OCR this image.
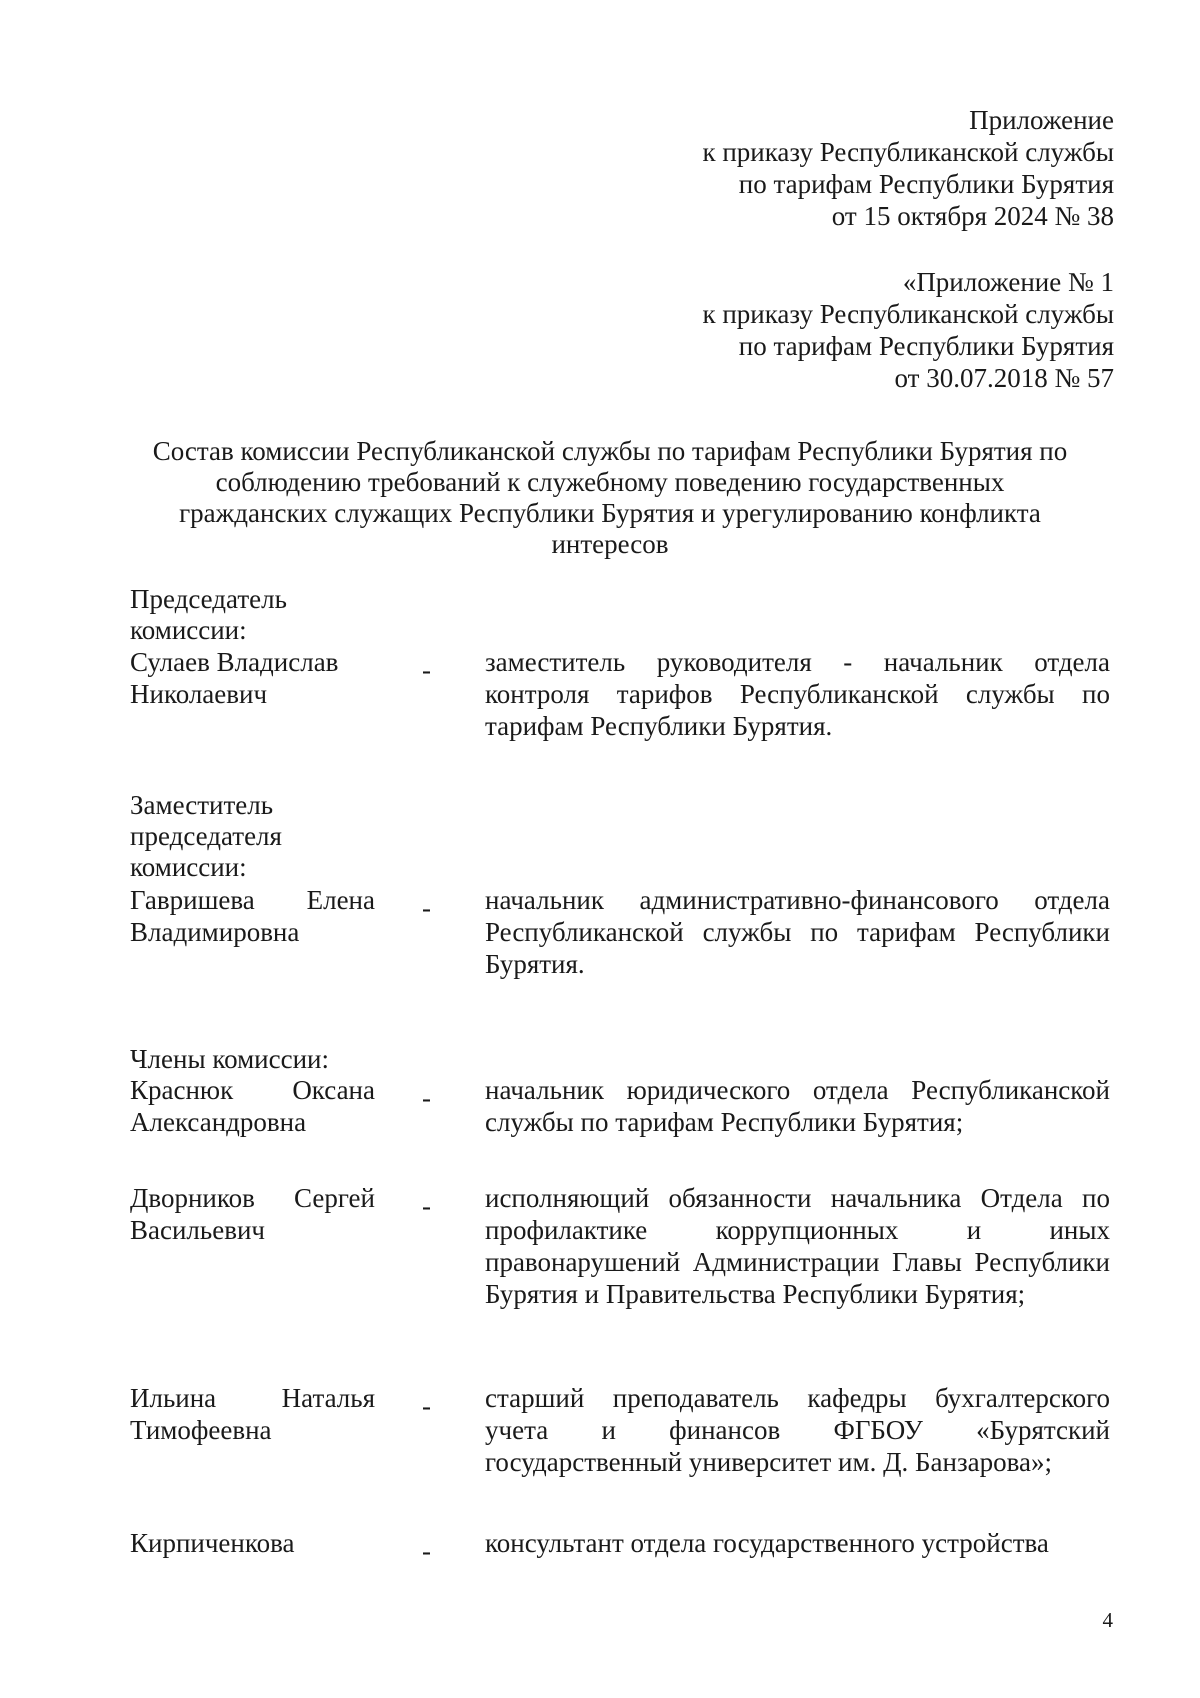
Приложение
к приказу Республиканской службы
по тарифам Республики Бурятия
от 15 октября 2024 № 38
«Приложение № 1
к приказу Республиканской службы
по тарифам Республики Бурятия
от 30.07.2018 № 57
Состав комиссии Республиканской службы по тарифам Республики Бурятия по
соблюдению требований к служебному поведению государственных
гражданских служащих Республики Бурятия и урегулированию конфликта
интересов
Председатель
комиссии:
Сулаев Владислав
Николаевич
- заместитель руководителя - начальник отдела контроля тарифов Республиканской службы по тарифам Республики Бурятия.
Заместитель
председателя
комиссии:
Гавришева Елена
Владимировна
- начальник административно-финансового отдела Республиканской службы по тарифам Республики Бурятия.
Члены комиссии:
Краснюк Оксана
Александровна
- начальник юридического отдела Республиканской службы по тарифам Республики Бурятия;
Дворников Сергей
Васильевич
- исполняющий обязанности начальника Отдела по профилактике коррупционных и иных правонарушений Администрации Главы Республики Бурятия и Правительства Республики Бурятия;
Ильина Наталья
Тимофеевна
- старший преподаватель кафедры бухгалтерского учета и финансов ФГБОУ «Бурятский государственный университет им. Д. Банзарова»;
Кирпиченкова	- консультант отдела государственного устройства
4
